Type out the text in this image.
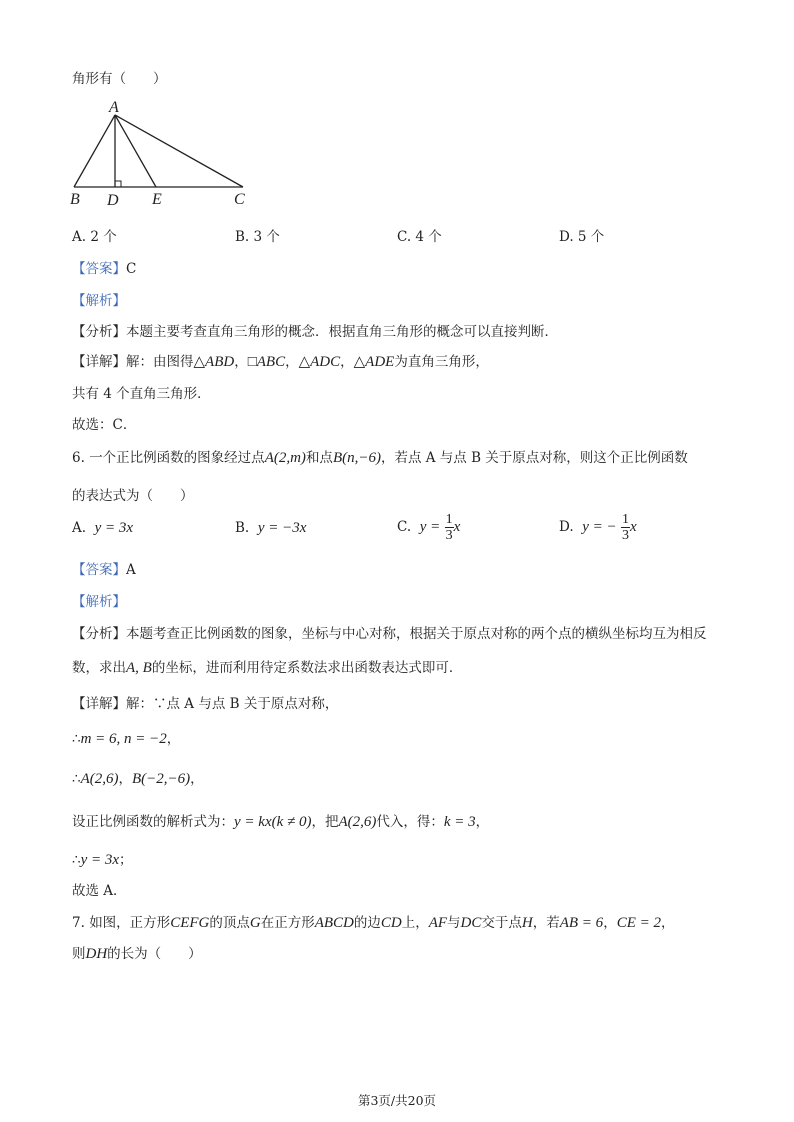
角形有（　　）
A
B D E	C
A. 2 个	B. 3 个	C. 4 个	D. 5 个
【答案】C
【解析】
【分析】本题主要考查直角三角形的概念．根据直角三角形的概念可以直接判断．
【详解】解：由图得△ABD，□ABC，△ADC，△ADE为直角三角形，
共有 4 个直角三角形．
故选：C．
6. 一个正比例函数的图象经过点A(2,m)和点B(n,−6)，若点 A 与点 B 关于原点对称，则这个正比例函数
的表达式为（　　）
A. y = 3x	B. y = −3x	C. $y = \frac{1}{3}$ x	D. y = − $\frac{1}{3}$ x
【答案】A
【解析】
【分析】本题考查正比例函数的图象，坐标与中心对称，根据关于原点对称的两个点的横纵坐标均互为相反
数，求出A, B的坐标，进而利用待定系数法求出函数表达式即可．
【详解】解：∵点 A 与点 B 关于原点对称，
∴m = 6, n = −2，
∴A(2,6)，B(−2,−6)，
设正比例函数的解析式为：y = kx(k ≠ 0)，把A(2,6)代入，得：k = 3，
∴y = 3x；
故选 A．
7. 如图，正方形CEFG的顶点G在正方形ABCD的边CD上，AF与DC交于点H，若AB = 6，CE = 2，
则DH的长为（　　）
第3页/共20页
